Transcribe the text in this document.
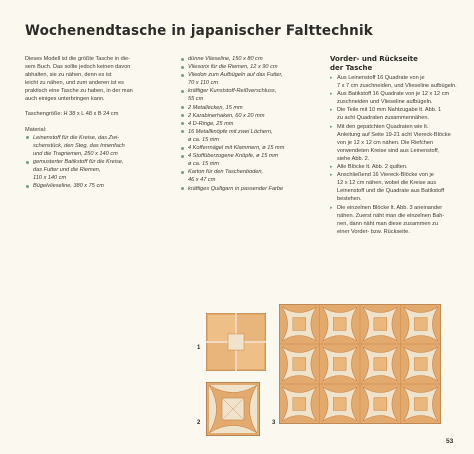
Wochenendtasche in japanischer Falttechnik

Dieses Modell ist die größte Tasche in die-
sem Buch. Das sollte jedoch keinen davon
abhalten, sie zu nähen, denn es ist
leicht zu nähen, und zum anderen ist es
praktisch eine Tasche zu haben, in der man
auch einiges unterbringen kann.

Taschengröße: H 38 x L 48 x B 24 cm

Material:

Leinenstoff für die Kreise, das Zwi-
schenstück, den Steg, das Innenfach
und die Tragriemen, 250 x 140 cm
gemusterter Batikstoff für die Kreise,
das Futter und die Riemen,
110 x 140 cm
Bügelvlieseline, 380 x 75 cm
dünne Vlieseline, 150 x 80 cm
Vliesorix für die Riemen, 12 x 90 cm
Vliedon zum Aufbügeln auf das Futter,
70 x 110 cm
kräftiger Kunststoff-Reißverschluss,
55 cm
2 Metallecken, 15 mm
2 Karabinerhaken, 60 x 20 mm
4 D-Ringe, 25 mm
16 Metallknöpfe mit zwei Löchern,
ø ca. 15 mm
4 Kofferrnägel mit Klammern, ø 15 mm
4 Stoffüberzogene Knöpfe, ø 15 mm
ø ca. 15 mm
Karton für den Taschenboden,
46 x 47 cm
kräftiges Quiltgarn in passender Farbe
Vorder- und Rückseite
der Tasche
▸ Aus Leinenstoff 16 Quadrate von je
7 x 7 cm zuschneiden, und Vlieseline aufbügeln.
▸ Aus Batikstoff 16 Quadrate von je 12 x 12 cm
zuschneiden und Vlieseline aufbügeln.
▸ Die Teile mit 10 mm Nahtzugabe lt. Abb. 1
zu acht Quadraten zusammennähen.
▸ Mit den gepatchten Quadraten wie lt.
Anleitung auf Seite 19-21 acht Viereck-Blöcke
von je 12 x 12 cm nähen. Die Riefchen
vorwendeten Kreise sind aus Leinenstoff,
siehe Abb. 2.
▸ Alle Blöcke lt. Abb. 2 quilten.
▸ Anschließend 16 Viereck-Blöcke von je
12 x 12 cm nähen, wobei die Kreise aus
Leinenstoff und die Quadrate aus Batikstoff
bestehen.
▸ Die einzelnen Blöcke lt. Abb. 3 aneinander
nähen. Zuerst näht man die einzelnen Bah-
nen, dann näht man diese zusammen zu
einer Vorder- bzw. Rückseite.
1
2	3
53
